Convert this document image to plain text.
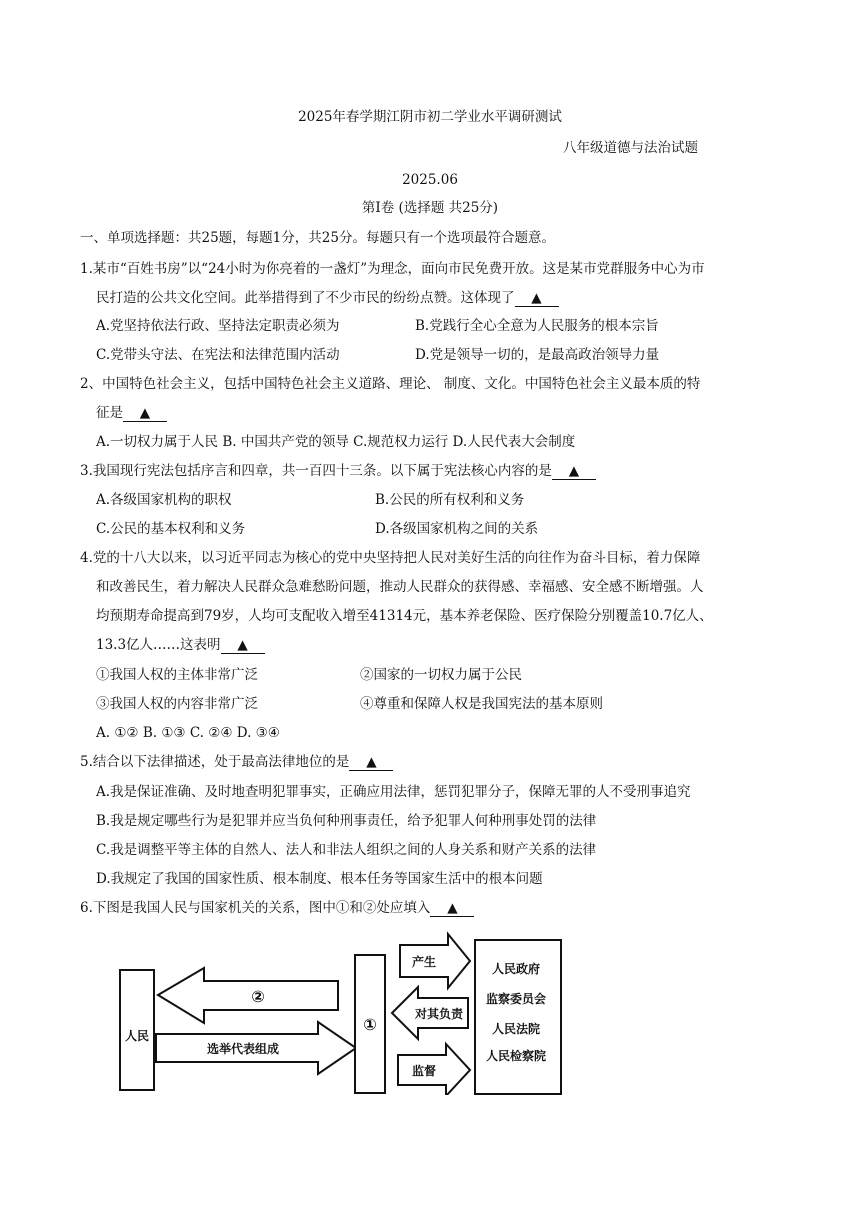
2025年春学期江阴市初二学业水平调研测试
八年级道德与法治试题
2025.06
第Ⅰ卷 (选择题 共25分)
一、单项选择题：共25题，每题1分，共25分。每题只有一个选项最符合题意。
1.某市“百姓书房”以“24小时为你亮着的一盏灯”为理念，面向市民免费开放。这是某市党群服务中心为市
民打造的公共文化空间。此举措得到了不少市民的纷纷点赞。这体现了 ▲
A.党坚持依法行政、坚持法定职责必须为	B.党践行全心全意为人民服务的根本宗旨
C.党带头守法、在宪法和法律范围内活动	D.党是领导一切的，是最高政治领导力量
2、中国特色社会主义，包括中国特色社会主义道路、理论、 制度、文化。中国特色社会主义最本质的特
征是 ▲
A.一切权力属于人民 B. 中国共产党的领导 C.规范权力运行 D.人民代表大会制度
3.我国现行宪法包括序言和四章，共一百四十三条。以下属于宪法核心内容的是 ▲
A.各级国家机构的职权	B.公民的所有权利和义务
C.公民的基本权利和义务	D.各级国家机构之间的关系
4.党的十八大以来，以习近平同志为核心的党中央坚持把人民对美好生活的向往作为奋斗目标，着力保障
和改善民生，着力解决人民群众急难愁盼问题，推动人民群众的获得感、幸福感、安全感不断增强。人
均预期寿命提高到79岁，人均可支配收入增至41314元，基本养老保险、医疗保险分别覆盖10.7亿人、
13.3亿人……这表明 ▲
①我国人权的主体非常广泛	②国家的一切权力属于公民
③我国人权的内容非常广泛	④尊重和保障人权是我国宪法的基本原则
A. ①② B. ①③ C. ②④ D. ③④
5.结合以下法律描述，处于最高法律地位的是 ▲
A.我是保证准确、及时地查明犯罪事实，正确应用法律，惩罚犯罪分子，保障无罪的人不受刑事追究
B.我是规定哪些行为是犯罪并应当负何种刑事责任，给予犯罪人何种刑事处罚的法律
C.我是调整平等主体的自然人、法人和非法人组织之间的人身关系和财产关系的法律
D.我规定了我国的国家性质、根本制度、根本任务等国家生活中的根本问题
6.下图是我国人民与国家机关的关系，图中①和②处应填入 ▲
人民
②
选举代表组成
①
产生
对其负责
监督
人民政府
监察委员会
人民法院
人民检察院
